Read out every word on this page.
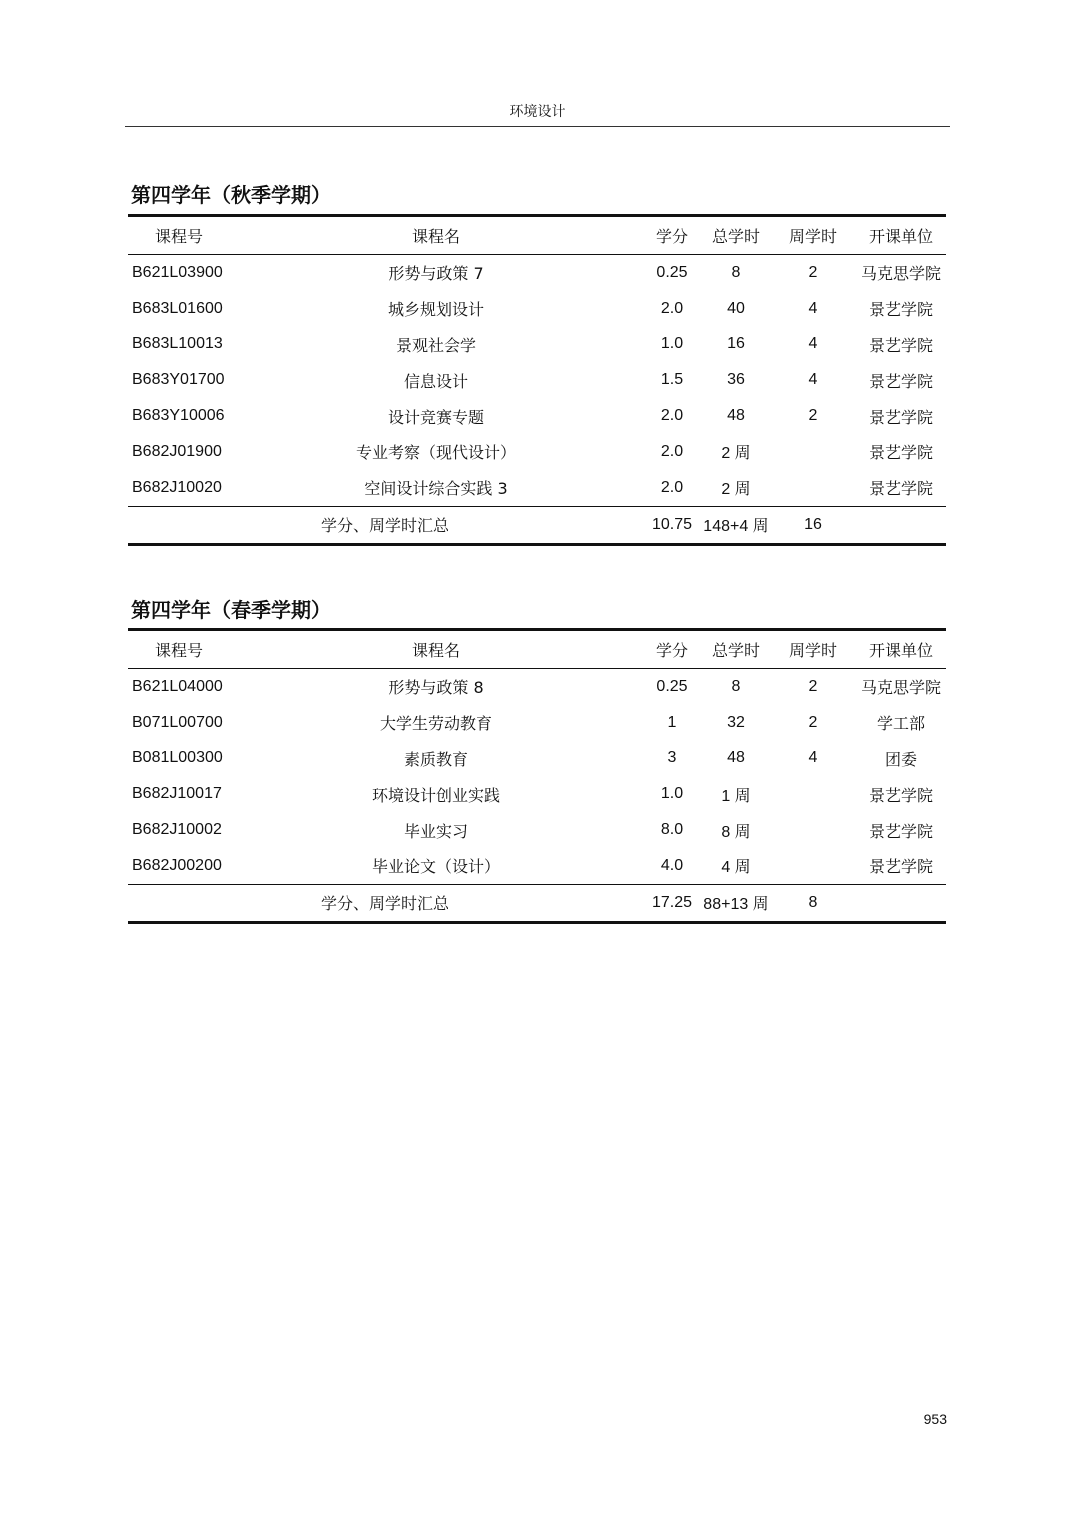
环境设计
第四学年（秋季学期）
课程号	课程名	学分	总学时	周学时	开课单位
B621L03900	形势与政策 7	0.25	8	2	马克思学院
B683L01600	城乡规划设计	2.0	40	4	景艺学院
B683L10013	景观社会学	1.0	16	4	景艺学院
B683Y01700	信息设计	1.5	36	4	景艺学院
B683Y10006	设计竞赛专题	2.0	48	2	景艺学院
B682J01900	专业考察（现代设计）	2.0	2 周		景艺学院
B682J10020	空间设计综合实践 3	2.0	2 周		景艺学院
学分、周学时汇总		10.75	148+4 周	16	
第四学年（春季学期）
课程号	课程名	学分	总学时	周学时	开课单位
B621L04000	形势与政策 8	0.25	8	2	马克思学院
B071L00700	大学生劳动教育	1	32	2	学工部
B081L00300	素质教育	3	48	4	团委
B682J10017	环境设计创业实践	1.0	1 周		景艺学院
B682J10002	毕业实习	8.0	8 周		景艺学院
B682J00200	毕业论文（设计）	4.0	4 周		景艺学院
学分、周学时汇总		17.25	88+13 周	8	
953
